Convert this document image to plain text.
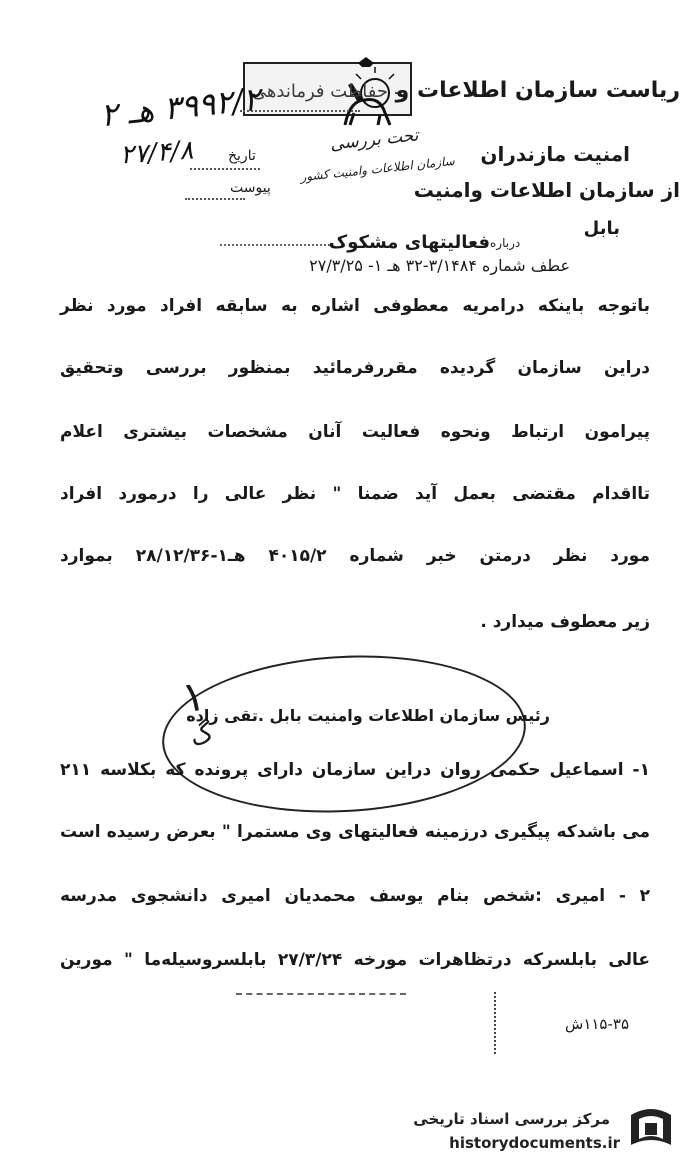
ریاست سازمان اطلاعات و حفاظت فرماندهی
۳۹۹۲/۲ هـ ۲
امنیت مازندران
از سازمان اطلاعات وامنیت
بابل
۲۷/۴/۸ تاریخ
پیوست
تحت بررسی
سازمان اطلاعات وامنیت کشور
درباره
فعالیتهای مشکوک
عطف شماره ۳/۱۴۸۴-۳۲ هـ ۱- ۲۷/۳/۲۵
باتوجه باینکه درامریه معطوفی اشاره به سابقه افراد مورد نظر
دراین سازمان گردیده مقررفرمائید بمنظور بررسی وتحقیق
پیرامون ارتباط ونحوه فعالیت آنان مشخصات بیشتری اعلام
تااقدام مقتضی بعمل آید ضمنا " نظر عالی را درمورد افراد
مورد نظر درمتن خبر شماره ۴۰۱۵/۲ هـ۱-۲۸/۱۲/۳۶ بموارد
زیر معطوف میدارد .
رئیس سازمان اطلاعات وامنیت بابل .تقی زاده
۱
گ
۱- اسماعیل حکمی روان دراین سازمان دارای پرونده که بکلاسه ۲۱۱
می باشدکه پیگیری درزمینه فعالیتهای وی مستمرا " بعرض رسیده است
۲ - امیری :شخص بنام یوسف محمدیان امیری دانشجوی مدرسه
عالی بابلسرکه درتظاهرات مورخه ۲۷/۳/۲۴ بابلسروسیله‌ما " مورین
۱۱۵-۳۵ش
مرکز بررسی اسناد تاریخی
historydocuments.ir
